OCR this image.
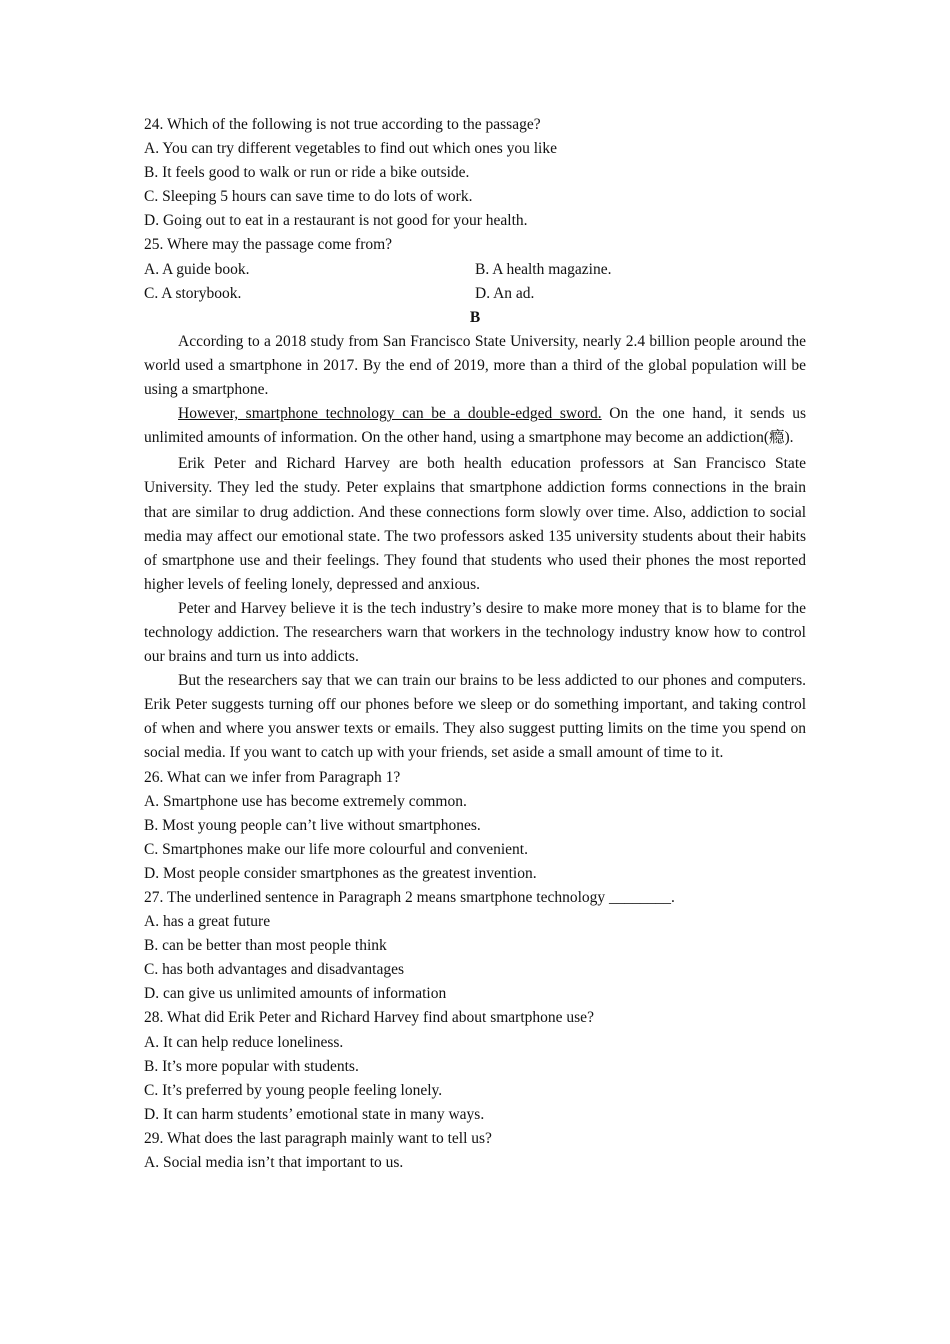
24. Which of the following is not true according to the passage?
A. You can try different vegetables to find out which ones you like
B. It feels good to walk or run or ride a bike outside.
C. Sleeping 5 hours can save time to do lots of work.
D. Going out to eat in a restaurant is not good for your health.
25. Where may the passage come from?
A. A guide book.	B. A health magazine.
C. A storybook.	D. An ad.
B

According to a 2018 study from San Francisco State University, nearly 2.4 billion people around the world used a smartphone in 2017. By the end of 2019, more than a third of the global population will be using a smartphone.

However, smartphone technology can be a double-edged sword. On the one hand, it sends us unlimited amounts of information. On the other hand, using a smartphone may become an addiction(瘾).

Erik Peter and Richard Harvey are both health education professors at San Francisco State University. They led the study. Peter explains that smartphone addiction forms connections in the brain that are similar to drug addiction. And these connections form slowly over time. Also, addiction to social media may affect our emotional state. The two professors asked 135 university students about their habits of smartphone use and their feelings. They found that students who used their phones the most reported higher levels of feeling lonely, depressed and anxious.

Peter and Harvey believe it is the tech industry’s desire to make more money that is to blame for the technology addiction. The researchers warn that workers in the technology industry know how to control our brains and turn us into addicts.

But the researchers say that we can train our brains to be less addicted to our phones and computers. Erik Peter suggests turning off our phones before we sleep or do something important, and taking control of when and where you answer texts or emails. They also suggest putting limits on the time you spend on social media. If you want to catch up with your friends, set aside a small amount of time to it.

26. What can we infer from Paragraph 1?
A. Smartphone use has become extremely common.
B. Most young people can’t live without smartphones.
C. Smartphones make our life more colourful and convenient.
D. Most people consider smartphones as the greatest invention.
27. The underlined sentence in Paragraph 2 means smartphone technology ________.
A. has a great future
B. can be better than most people think
C. has both advantages and disadvantages
D. can give us unlimited amounts of information
28. What did Erik Peter and Richard Harvey find about smartphone use?
A. It can help reduce loneliness.
B. It’s more popular with students.
C. It’s preferred by young people feeling lonely.
D. It can harm students’ emotional state in many ways.
29. What does the last paragraph mainly want to tell us?
A. Social media isn’t that important to us.
